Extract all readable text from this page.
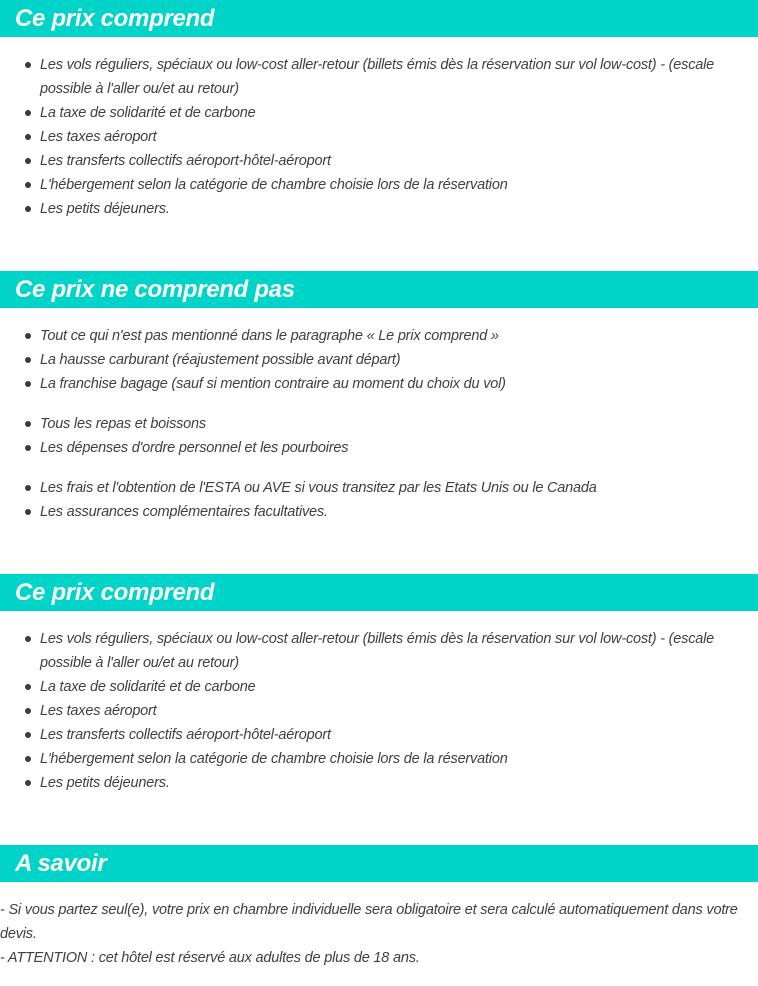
Ce prix comprend
Les vols réguliers, spéciaux ou low-cost aller-retour (billets émis dès la réservation sur vol low-cost) - (escale possible à l'aller ou/et au retour)
La taxe de solidarité et de carbone
Les taxes aéroport
Les transferts collectifs aéroport-hôtel-aéroport
L'hébergement selon la catégorie de chambre choisie lors de la réservation
Les petits déjeuners.
Ce prix ne comprend pas
Tout ce qui n'est pas mentionné dans le paragraphe « Le prix comprend »
La hausse carburant (réajustement possible avant départ)
La franchise bagage (sauf si mention contraire au moment du choix du vol)
Tous les repas et boissons
Les dépenses d'ordre personnel et les pourboires
Les frais et l'obtention de l'ESTA ou AVE si vous transitez par les Etats Unis ou le Canada
Les assurances complémentaires facultatives.
Ce prix comprend
Les vols réguliers, spéciaux ou low-cost aller-retour (billets émis dès la réservation sur vol low-cost) - (escale possible à l'aller ou/et au retour)
La taxe de solidarité et de carbone
Les taxes aéroport
Les transferts collectifs aéroport-hôtel-aéroport
L'hébergement selon la catégorie de chambre choisie lors de la réservation
Les petits déjeuners.
A savoir
- Si vous partez seul(e), votre prix en chambre individuelle sera obligatoire et sera calculé automatiquement dans votre devis.
- ATTENTION : cet hôtel est réservé aux adultes de plus de 18 ans.
